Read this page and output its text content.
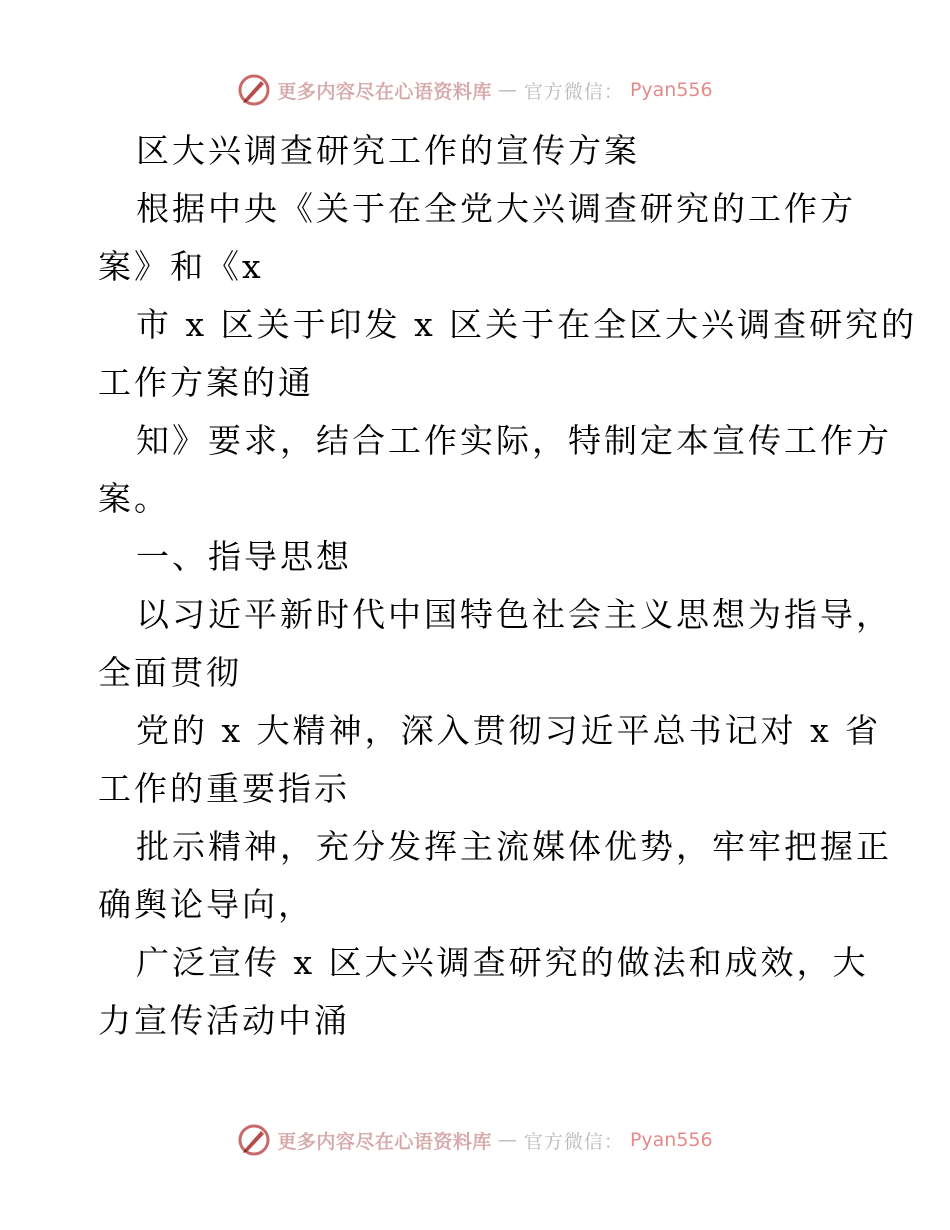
更多内容尽在心语资料库 — 官方微信： Pyan556

区大兴调查研究工作的宣传方案

根据中央《关于在全党大兴调查研究的工作方

案》和《x

市 x 区关于印发 x 区关于在全区大兴调查研究的

工作方案的通

知》要求，结合工作实际，特制定本宣传工作方

案。

一、指导思想

以习近平新时代中国特色社会主义思想为指导，

全面贯彻

党的 x 大精神，深入贯彻习近平总书记对 x 省

工作的重要指示

批示精神，充分发挥主流媒体优势，牢牢把握正

确舆论导向，

广泛宣传 x 区大兴调查研究的做法和成效，大

力宣传活动中涌

更多内容尽在心语资料库 — 官方微信： Pyan556
